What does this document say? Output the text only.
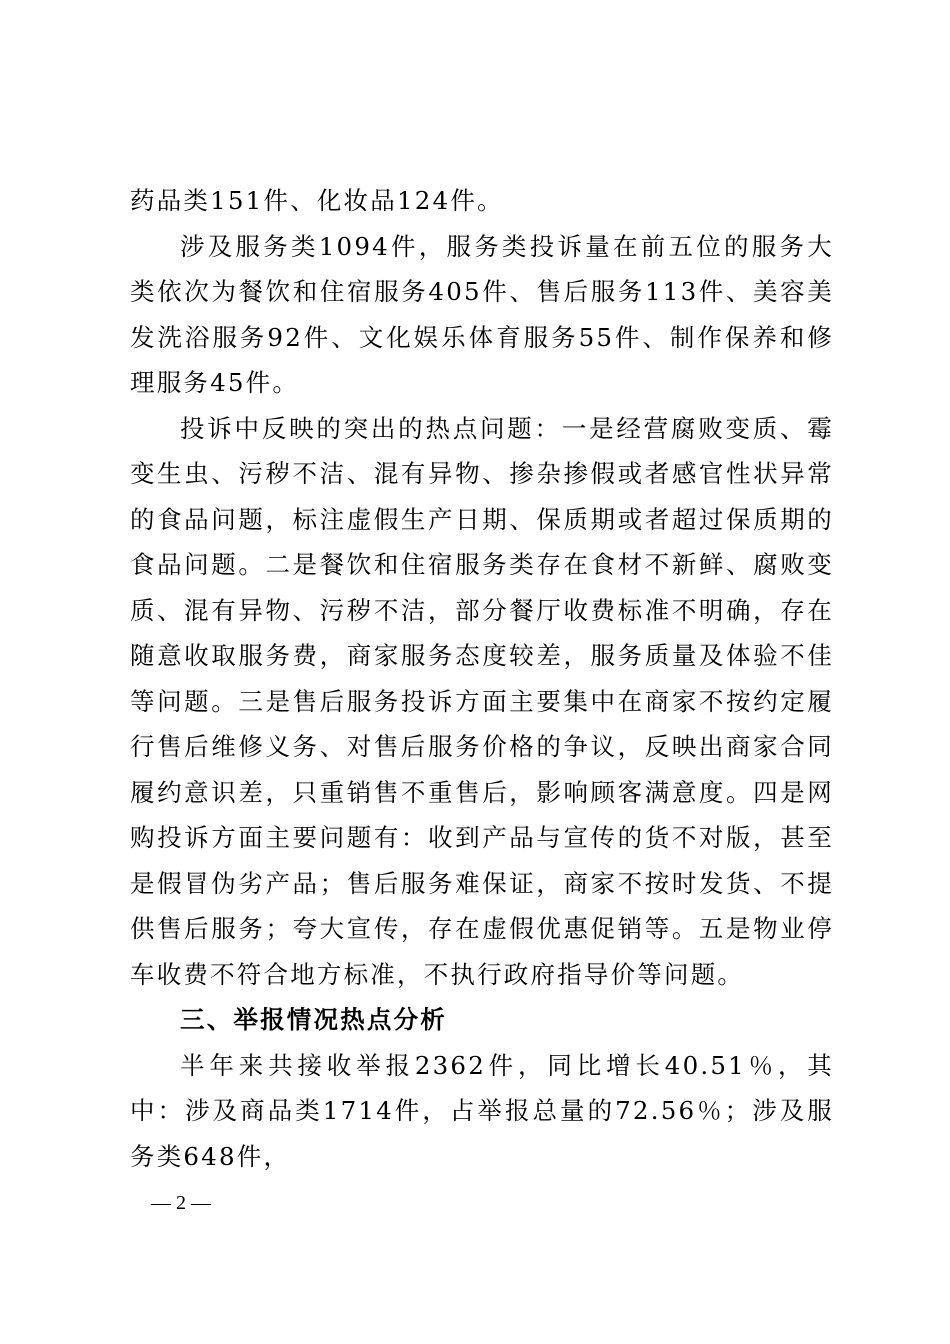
药品类151件、化妆品124件。

涉及服务类1094件，服务类投诉量在前五位的服务大类依次为餐饮和住宿服务405件、售后服务113件、美容美发洗浴服务92件、文化娱乐体育服务55件、制作保养和修理服务45件。

投诉中反映的突出的热点问题：一是经营腐败变质、霉变生虫、污秽不洁、混有异物、掺杂掺假或者感官性状异常的食品问题，标注虚假生产日期、保质期或者超过保质期的食品问题。二是餐饮和住宿服务类存在食材不新鲜、腐败变质、混有异物、污秽不洁，部分餐厅收费标准不明确，存在随意收取服务费，商家服务态度较差，服务质量及体验不佳等问题。三是售后服务投诉方面主要集中在商家不按约定履行售后维修义务、对售后服务价格的争议，反映出商家合同履约意识差，只重销售不重售后，影响顾客满意度。四是网购投诉方面主要问题有：收到产品与宣传的货不对版，甚至是假冒伪劣产品；售后服务难保证，商家不按时发货、不提供售后服务；夸大宣传，存在虚假优惠促销等。五是物业停车收费不符合地方标准，不执行政府指导价等问题。

三、举报情况热点分析

半年来共接收举报2362件，同比增长40.51％，其中：涉及商品类1714件，占举报总量的72.56％；涉及服务类648件，

— 2 —
